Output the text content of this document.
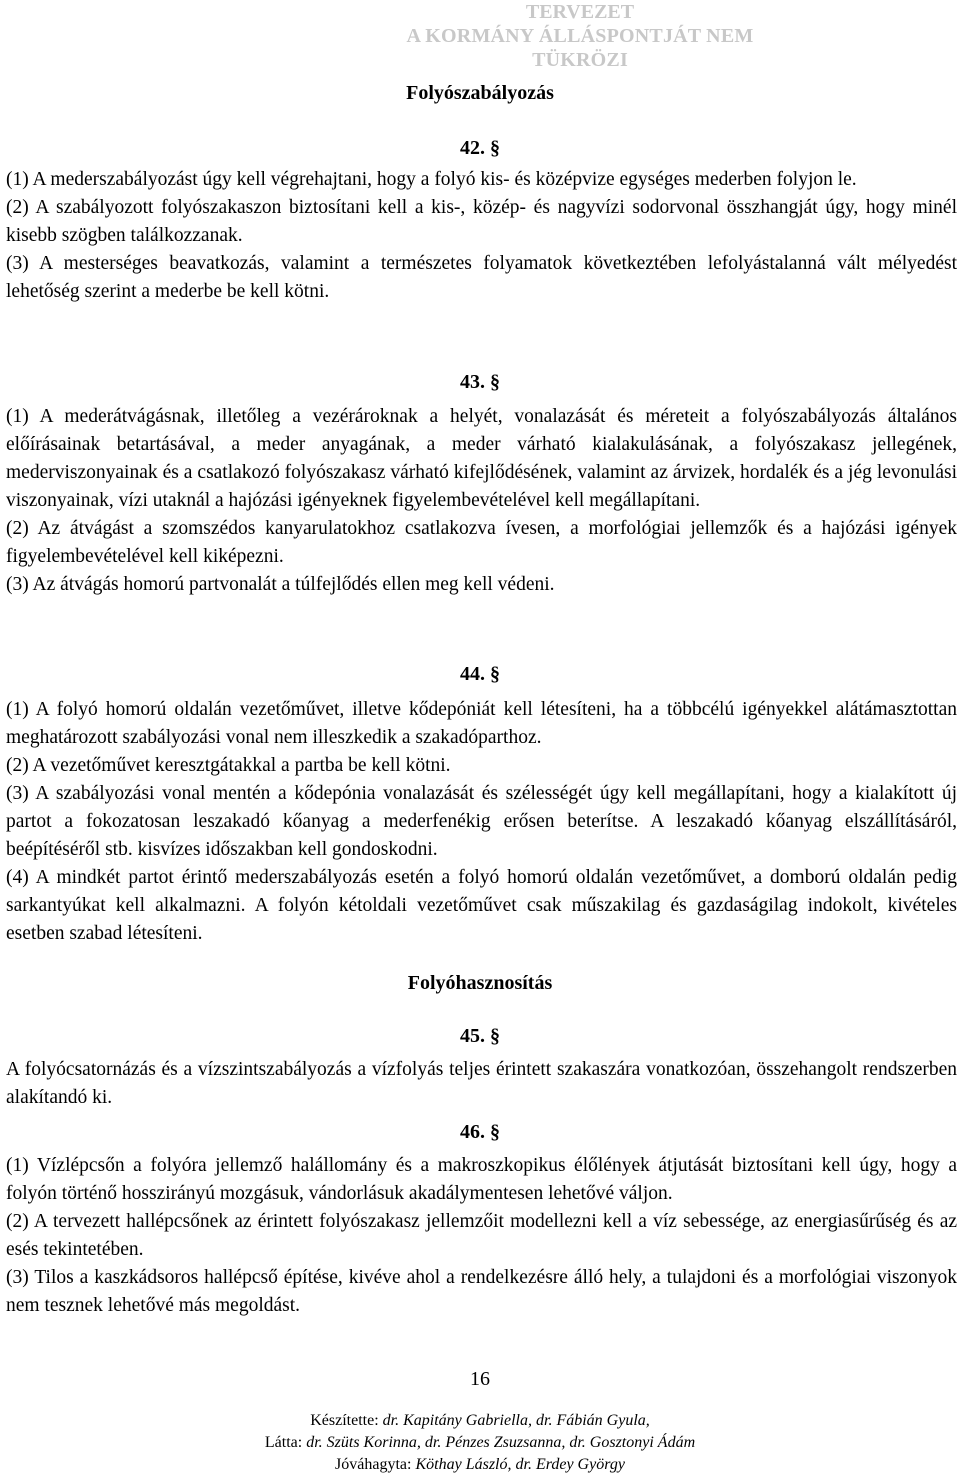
TERVEZET
A KORMÁNY ÁLLÁSPONTJÁT NEM TÜKRÖZI
Folyószabályozás
42. §

(1) A mederszabályozást úgy kell végrehajtani, hogy a folyó kis- és középvize egységes mederben folyjon le.

(2) A szabályozott folyószakaszon biztosítani kell a kis-, közép- és nagyvízi sodorvonal összhangját úgy, hogy minél kisebb szögben találkozzanak.

(3) A mesterséges beavatkozás, valamint a természetes folyamatok következtében lefolyástalanná vált mélyedést lehetőség szerint a mederbe be kell kötni.

43. §

(1) A mederátvágásnak, illetőleg a vezérároknak a helyét, vonalazását és méreteit a folyószabályozás általános előírásainak betartásával, a meder anyagának, a meder várható kialakulásának, a folyószakasz jellegének, mederviszonyainak és a csatlakozó folyószakasz várható kifejlődésének, valamint az árvizek, hordalék és a jég levonulási viszonyainak, vízi utaknál a hajózási igényeknek figyelembevételével kell megállapítani.

(2) Az átvágást a szomszédos kanyarulatokhoz csatlakozva ívesen, a morfológiai jellemzők és a hajózási igények figyelembevételével kell kiképezni.

(3) Az átvágás homorú partvonalát a túlfejlődés ellen meg kell védeni.

44. §

(1) A folyó homorú oldalán vezetőművet, illetve kődepóniát kell létesíteni, ha a többcélú igényekkel alátámasztottan meghatározott szabályozási vonal nem illeszkedik a szakadóparthoz.

(2) A vezetőművet keresztgátakkal a partba be kell kötni.

(3) A szabályozási vonal mentén a kődepónia vonalazását és szélességét úgy kell megállapítani, hogy a kialakított új partot a fokozatosan leszakadó kőanyag a mederfenékig erősen beterítse. A leszakadó kőanyag elszállításáról, beépítéséről stb. kisvízes időszakban kell gondoskodni.

(4) A mindkét partot érintő mederszabályozás esetén a folyó homorú oldalán vezetőművet, a domború oldalán pedig sarkantyúkat kell alkalmazni. A folyón kétoldali vezetőművet csak műszakilag és gazdaságilag indokolt, kivételes esetben szabad létesíteni.

Folyóhasznosítás
45. §

A folyócsatornázás és a vízszintszabályozás a vízfolyás teljes érintett szakaszára vonatkozóan, összehangolt rendszerben alakítandó ki.

46. §

(1) Vízlépcsőn a folyóra jellemző halállomány és a makroszkopikus élőlények átjutását biztosítani kell úgy, hogy a folyón történő hosszirányú mozgásuk, vándorlásuk akadálymentesen lehetővé váljon.

(2) A tervezett hallépcsőnek az érintett folyószakasz jellemzőit modellezni kell a víz sebessége, az energiasűrűség és az esés tekintetében.

(3) Tilos a kaszkádsoros hallépcső építése, kivéve ahol a rendelkezésre álló hely, a tulajdoni és a morfológiai viszonyok nem tesznek lehetővé más megoldást.

16
Készítette: dr. Kapitány Gabriella, dr. Fábián Gyula,
Látta: dr. Szüts Korinna, dr. Pénzes Zsuzsanna, dr. Gosztonyi Ádám
Jóváhagyta: Köthay László, dr. Erdey György
